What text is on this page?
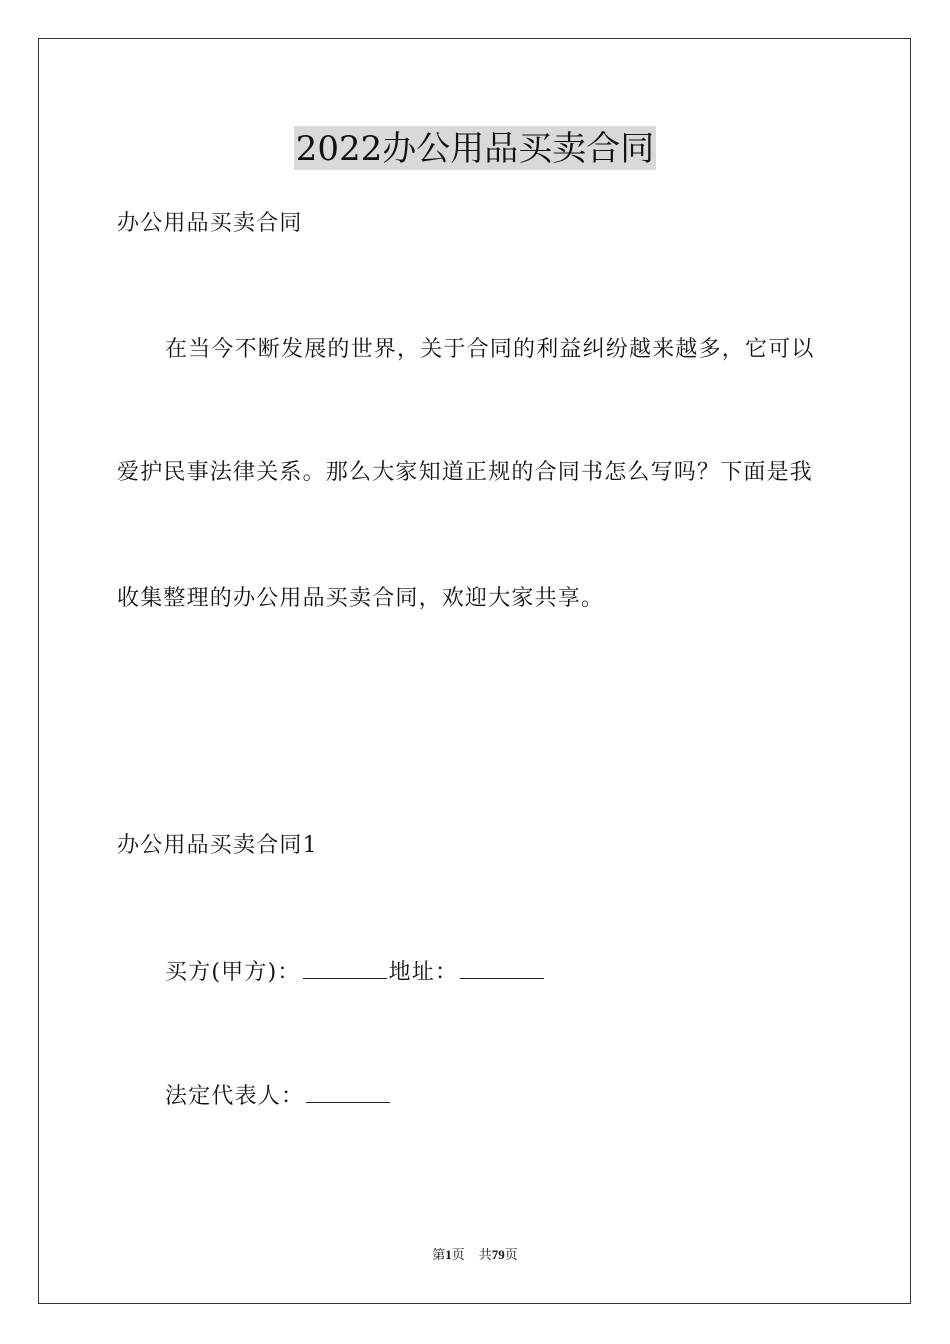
2022办公用品买卖合同
办公用品买卖合同
在当今不断发展的世界，关于合同的利益纠纷越来越多，它可以
爱护民事法律关系。那么大家知道正规的合同书怎么写吗？下面是我
收集整理的办公用品买卖合同，欢迎大家共享。
办公用品买卖合同1
买方(甲方)：	地址：
法定代表人：
第1页 共79页
